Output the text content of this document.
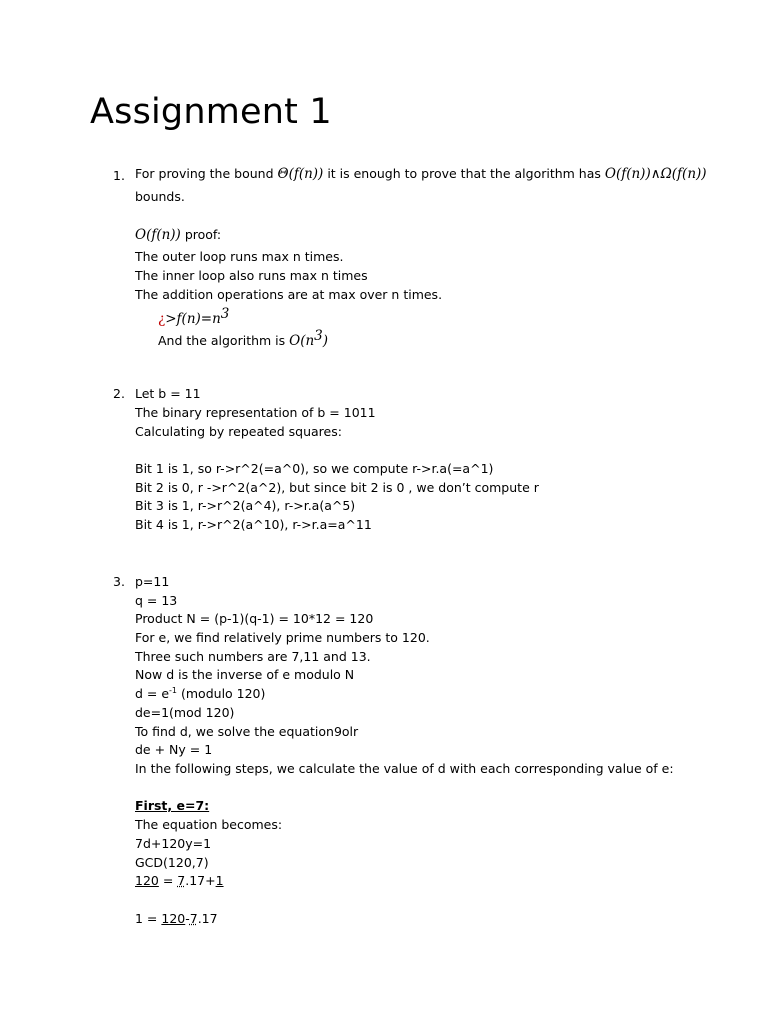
Assignment 1
1. For proving the bound Θ(f(n)) it is enough to prove that the algorithm has O(f(n))∧Ω(f(n))
bounds.
O(f(n)) proof:
The outer loop runs max n times.
The inner loop also runs max n times
The addition operations are at max over n times.
¿$>f(n)=n^3$
And the algorithm is $O(n^3)$
2. Let b = 11
The binary representation of b = 1011
Calculating by repeated squares:
Bit 1 is 1, so r->r^2(=a^0), so we compute r->r.a(=a^1)
Bit 2 is 0, r ->r^2(a^2), but since bit 2 is 0 , we don’t compute r
Bit 3 is 1, r->r^2(a^4), r->r.a(a^5)
Bit 4 is 1, r->r^2(a^10), r->r.a=a^11
3. p=11
q = 13
Product N = (p-1)(q-1) = 10*12 = 120
For e, we find relatively prime numbers to 120.
Three such numbers are 7,11 and 13.
Now d is the inverse of e modulo N
$d = e^{-1}$ (modulo 120)
de=1(mod 120)
To find d, we solve the equation9olr
de + Ny = 1
In the following steps, we calculate the value of d with each corresponding value of e:
First, e=7:
The equation becomes:
7d+120y=1
GCD(120,7)
120 = 7.17+1
1 = 120-7.17
